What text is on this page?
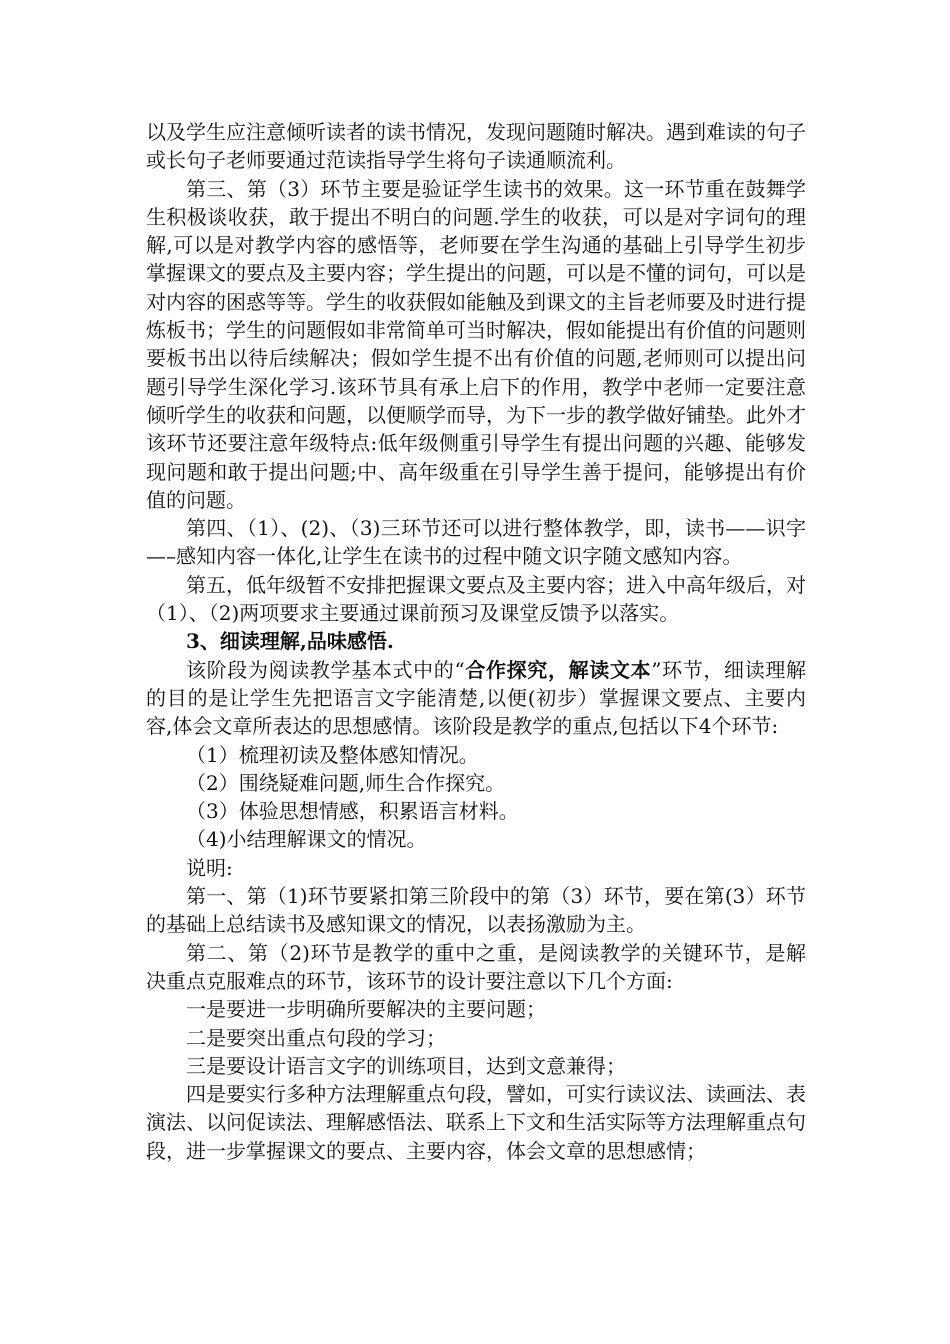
以及学生应注意倾听读者的读书情况，发现问题随时解决。遇到难读的句子或长句子老师要通过范读指导学生将句子读通顺流利。

第三、第（3）环节主要是验证学生读书的效果。这一环节重在鼓舞学生积极谈收获，敢于提出不明白的问题.学生的收获，可以是对字词句的理解,可以是对教学内容的感悟等，老师要在学生沟通的基础上引导学生初步掌握课文的要点及主要内容；学生提出的问题，可以是不懂的词句，可以是对内容的困惑等等。学生的收获假如能触及到课文的主旨老师要及时进行提炼板书；学生的问题假如非常简单可当时解决，假如能提出有价值的问题则要板书出以待后续解决；假如学生提不出有价值的问题,老师则可以提出问题引导学生深化学习.该环节具有承上启下的作用，教学中老师一定要注意倾听学生的收获和问题，以便顺学而导，为下一步的教学做好铺垫。此外才该环节还要注意年级特点:低年级侧重引导学生有提出问题的兴趣、能够发现问题和敢于提出问题;中、高年级重在引导学生善于提问，能够提出有价值的问题。

第四、（1）、(2)、（3)三环节还可以进行整体教学，即，读书——识字—–感知内容一体化,让学生在读书的过程中随文识字随文感知内容。

第五，低年级暂不安排把握课文要点及主要内容；进入中高年级后，对（1）、（2)两项要求主要通过课前预习及课堂反馈予以落实。

3、细读理解,品味感悟.

该阶段为阅读教学基本式中的“合作探究，解读文本”环节，细读理解的目的是让学生先把语言文字能清楚,以便(初步）掌握课文要点、主要内容,体会文章所表达的思想感情。该阶段是教学的重点,包括以下4个环节:

（1）梳理初读及整体感知情况。

（2）围绕疑难问题,师生合作探究。

（3）体验思想情感，积累语言材料。

（4)小结理解课文的情况。

说明:

第一、第（1)环节要紧扣第三阶段中的第（3）环节，要在第(3）环节的基础上总结读书及感知课文的情况，以表扬激励为主。

第二、第（2)环节是教学的重中之重，是阅读教学的关键环节，是解决重点克服难点的环节，该环节的设计要注意以下几个方面:

一是要进一步明确所要解决的主要问题；

二是要突出重点句段的学习；

三是要设计语言文字的训练项目，达到文意兼得；

四是要实行多种方法理解重点句段，譬如，可实行读议法、读画法、表演法、以问促读法、理解感悟法、联系上下文和生活实际等方法理解重点句段，进一步掌握课文的要点、主要内容，体会文章的思想感情；
